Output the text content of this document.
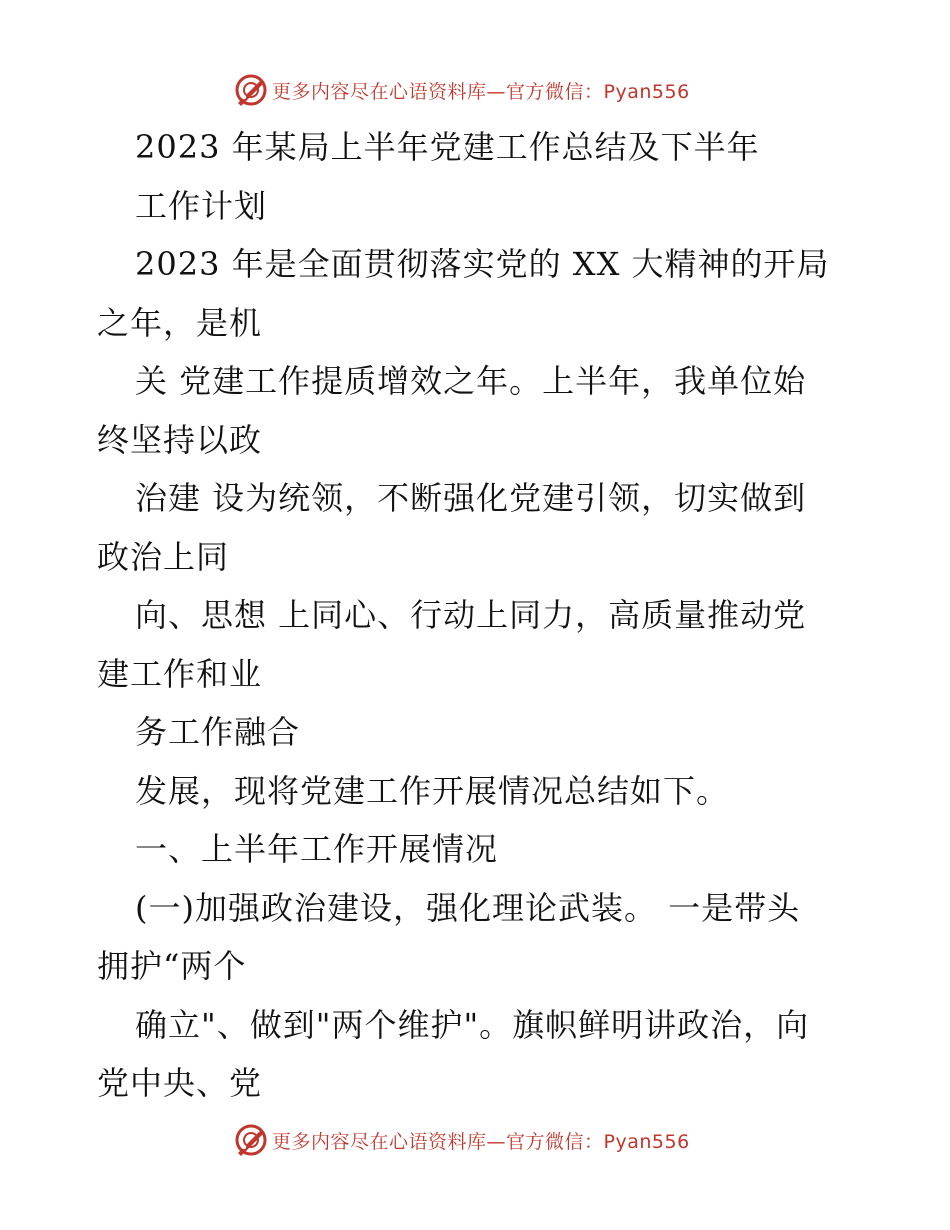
更多内容尽在心语资料库—官方微信：Pyan556
2023 年某局上半年党建工作总结及下半年
工作计划
2023 年是全面贯彻落实党的 XX 大精神的开局
之年，是机
关 党建工作提质增效之年。上半年，我单位始
终坚持以政
治建 设为统领，不断强化党建引领，切实做到
政治上同
向、思想 上同心、行动上同力，高质量推动党
建工作和业
务工作融合
发展，现将党建工作开展情况总结如下。
一、上半年工作开展情况
(一)加强政治建设，强化理论武装。 一是带头
拥护“两个
确立"、做到"两个维护"。旗帜鲜明讲政治，向
党中央、党
更多内容尽在心语资料库—官方微信：Pyan556
